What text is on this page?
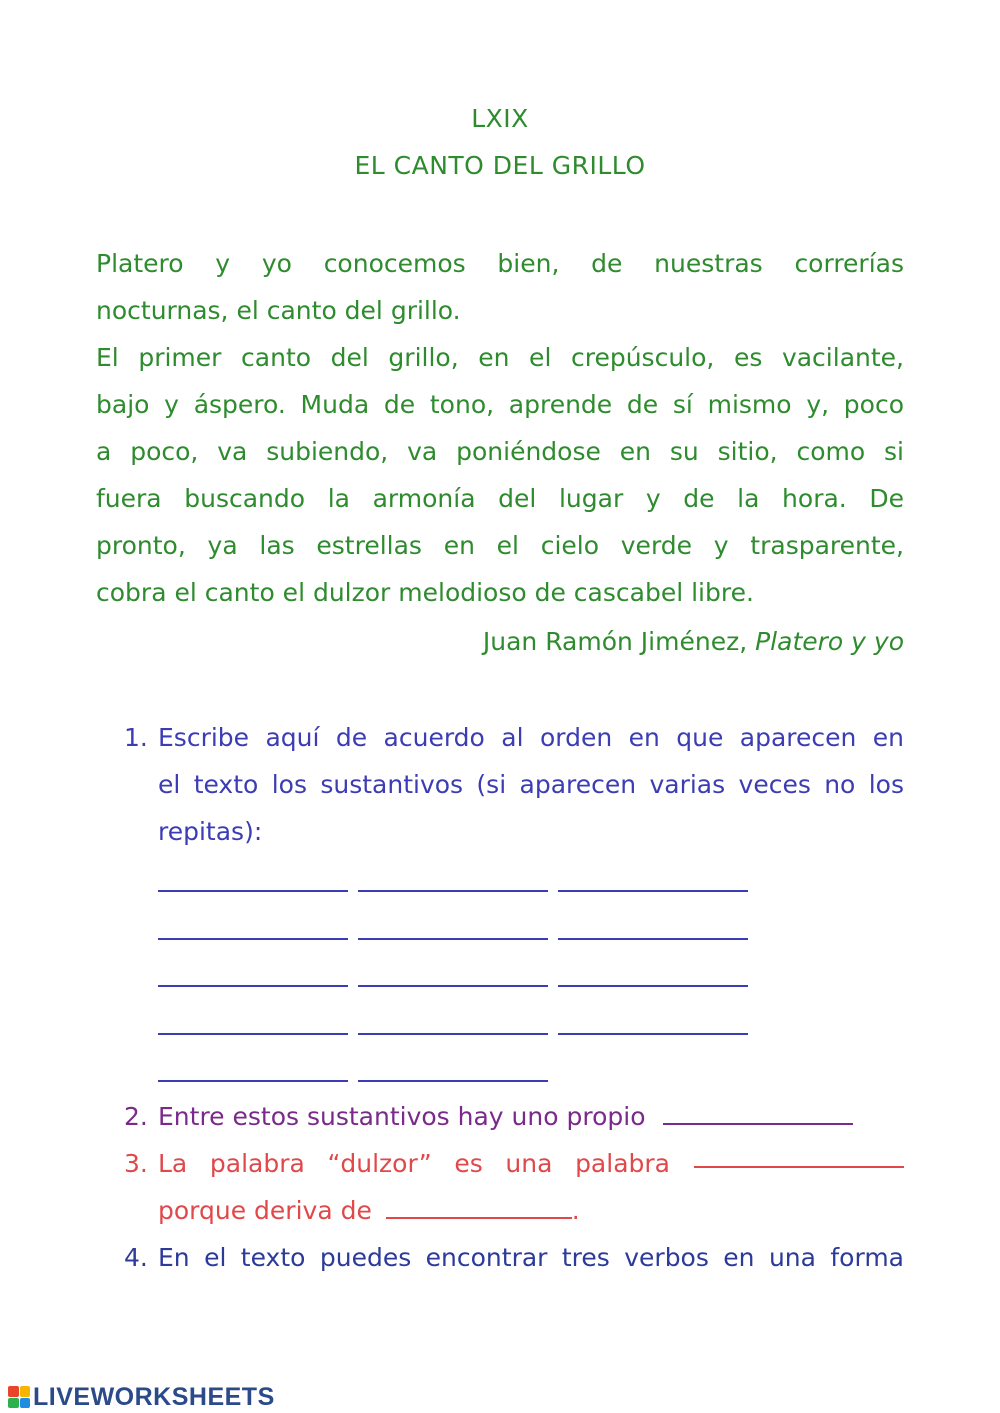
LXIX
EL CANTO DEL GRILLO
Platero y yo conocemos bien, de nuestras correrías
nocturnas, el canto del grillo.
El primer canto del grillo, en el crepúsculo, es vacilante,
bajo y áspero. Muda de tono, aprende de sí mismo y, poco
a poco, va subiendo, va poniéndose en su sitio, como si
fuera buscando la armonía del lugar y de la hora. De
pronto, ya las estrellas en el cielo verde y trasparente,
cobra el canto el dulzor melodioso de cascabel libre.
Juan Ramón Jiménez, Platero y yo
1. Escribe aquí de acuerdo al orden en que aparecen en
el texto los sustantivos (si aparecen varias veces no los
repitas):
2. Entre estos sustantivos hay uno propio
3. La palabra “dulzor” es una palabra
porque deriva de	.
4. En el texto puedes encontrar tres verbos en una forma
LIVEWORKSHEETS
